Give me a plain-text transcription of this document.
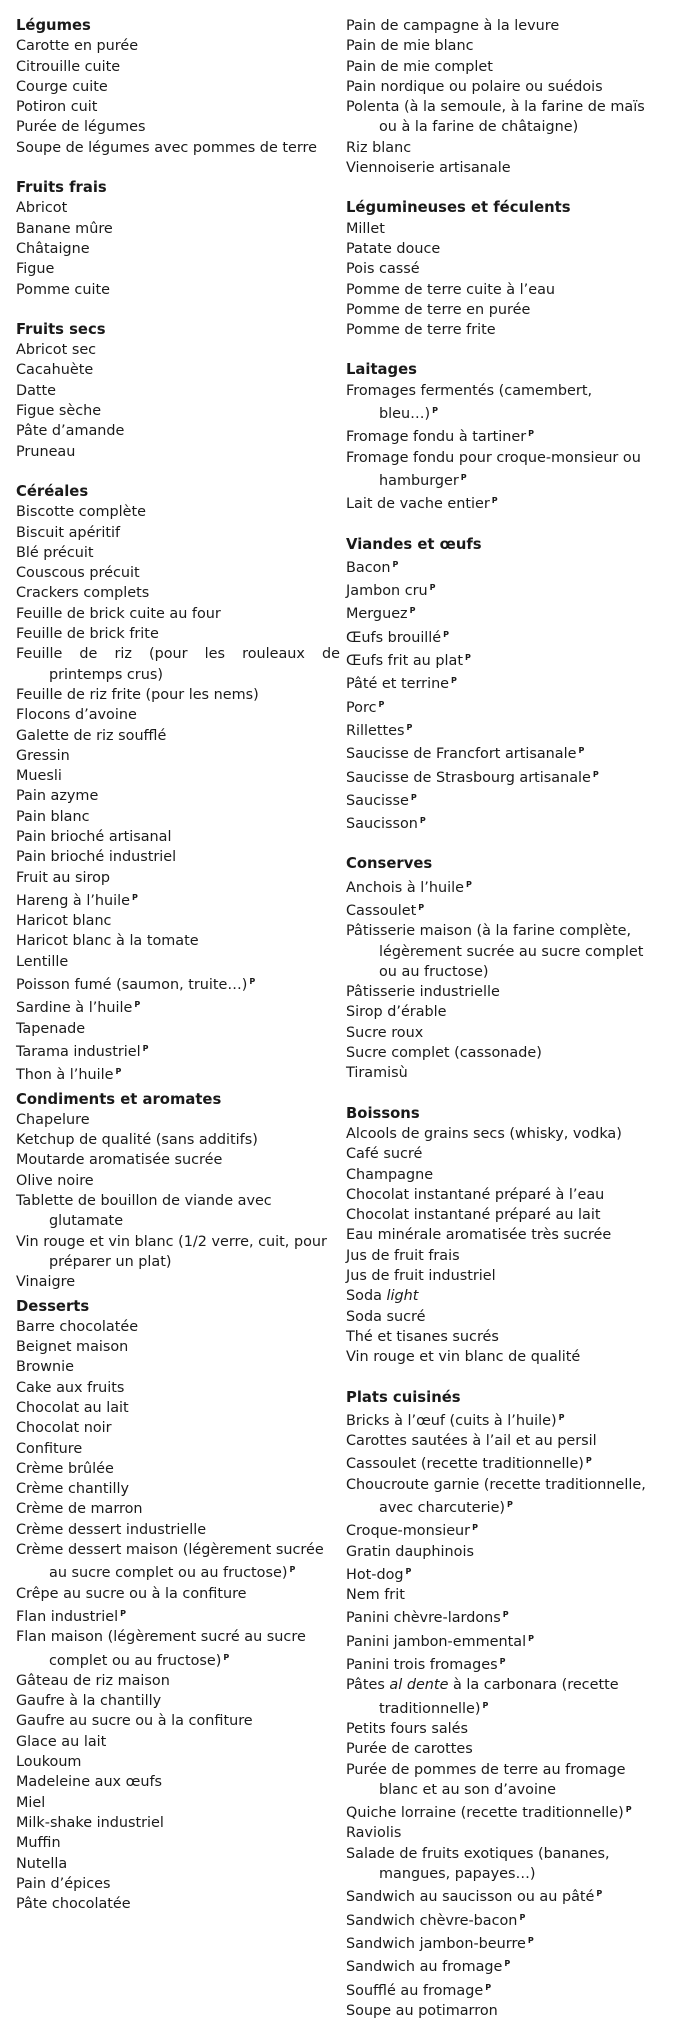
Légumes
Carotte en purée
Citrouille cuite
Courge cuite
Potiron cuit
Purée de légumes
Soupe de légumes avec pommes de terre
Fruits frais
Abricot
Banane mûre
Châtaigne
Figue
Pomme cuite
Fruits secs
Abricot sec
Cacahuète
Datte
Figue sèche
Pâte d’amande
Pruneau
Céréales
Biscotte complète
Biscuit apéritif
Blé précuit
Couscous précuit
Crackers complets
Feuille de brick cuite au four
Feuille de brick frite
Feuille de riz (pour les rouleaux de printemps crus)
Feuille de riz frite (pour les nems)
Flocons d’avoine
Galette de riz soufflé
Gressin
Muesli
Pain azyme
Pain blanc
Pain brioché artisanal
Pain brioché industriel
Fruit au sirop
Hareng à l’huile $^P$
Haricot blanc
Haricot blanc à la tomate
Lentille
Poisson fumé (saumon, truite…) $^P$
Sardine à l’huile $^P$
Tapenade
Tarama industriel $^P$
Thon à l’huile $^P$
Condiments et aromates
Chapelure
Ketchup de qualité (sans additifs)
Moutarde aromatisée sucrée
Olive noire
Tablette de bouillon de viande avec glutamate
Vin rouge et vin blanc (1/2 verre, cuit, pour préparer un plat)
Vinaigre
Desserts
Barre chocolatée
Beignet maison
Brownie
Cake aux fruits
Chocolat au lait
Chocolat noir
Confiture
Crème brûlée
Crème chantilly
Crème de marron
Crème dessert industrielle
Crème dessert maison (légèrement sucrée au sucre complet ou au fructose) $^P$
Crêpe au sucre ou à la confiture
Flan industriel $^P$
Flan maison (légèrement sucré au sucre complet ou au fructose) $^P$
Gâteau de riz maison
Gaufre à la chantilly
Gaufre au sucre ou à la confiture
Glace au lait
Loukoum
Madeleine aux œufs
Miel
Milk-shake industriel
Muffin
Nutella
Pain d’épices
Pâte chocolatée
Pain de campagne à la levure
Pain de mie blanc
Pain de mie complet
Pain nordique ou polaire ou suédois
Polenta (à la semoule, à la farine de maïs ou à la farine de châtaigne)
Riz blanc
Viennoiserie artisanale
Légumineuses et féculents
Millet
Patate douce
Pois cassé
Pomme de terre cuite à l’eau
Pomme de terre en purée
Pomme de terre frite
Laitages
Fromages fermentés (camembert, bleu…) $^P$
Fromage fondu à tartiner $^P$
Fromage fondu pour croque-monsieur ou hamburger $^P$
Lait de vache entier $^P$
Viandes et œufs
Bacon $^P$
Jambon cru $^P$
Merguez $^P$
Œufs brouillé $^P$
Œufs frit au plat $^P$
Pâté et terrine $^P$
Porc $^P$
Rillettes $^P$
Saucisse de Francfort artisanale $^P$
Saucisse de Strasbourg artisanale $^P$
Saucisse $^P$
Saucisson $^P$
Conserves
Anchois à l’huile $^P$
Cassoulet $^P$
Pâtisserie maison (à la farine complète, légèrement sucrée au sucre complet ou au fructose)
Pâtisserie industrielle
Sirop d’érable
Sucre roux
Sucre complet (cassonade)
Tiramisù
Boissons
Alcools de grains secs (whisky, vodka)
Café sucré
Champagne
Chocolat instantané préparé à l’eau
Chocolat instantané préparé au lait
Eau minérale aromatisée très sucrée
Jus de fruit frais
Jus de fruit industriel
Soda light
Soda sucré
Thé et tisanes sucrés
Vin rouge et vin blanc de qualité
Plats cuisinés
Bricks à l’œuf (cuits à l’huile) $^P$
Carottes sautées à l’ail et au persil
Cassoulet (recette traditionnelle) $^P$
Choucroute garnie (recette traditionnelle, avec charcuterie) $^P$
Croque-monsieur $^P$
Gratin dauphinois
Hot-dog $^P$
Nem frit
Panini chèvre-lardons $^P$
Panini jambon-emmental $^P$
Panini trois fromages $^P$
Pâtes al dente à la carbonara (recette traditionnelle) $^P$
Petits fours salés
Purée de carottes
Purée de pommes de terre au fromage blanc et au son d’avoine
Quiche lorraine (recette traditionnelle) $^P$
Raviolis
Salade de fruits exotiques (bananes, mangues, papayes…)
Sandwich au saucisson ou au pâté $^P$
Sandwich chèvre-bacon $^P$
Sandwich jambon-beurre $^P$
Sandwich au fromage $^P$
Soufflé au fromage $^P$
Soupe au potimarron
